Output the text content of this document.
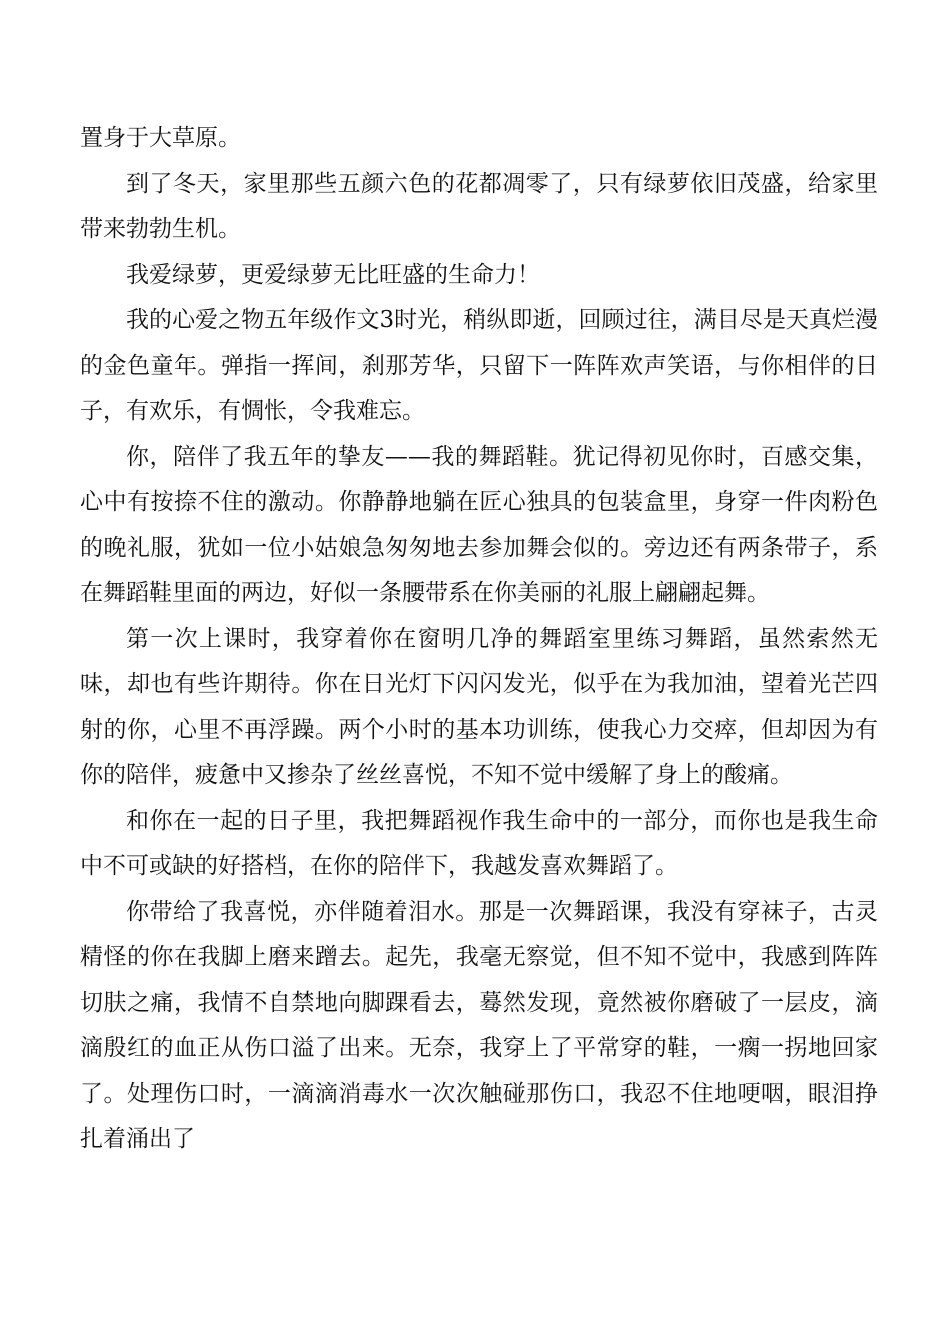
置身于大草原。

到了冬天，家里那些五颜六色的花都凋零了，只有绿萝依旧茂盛，给家里带来勃勃生机。

我爱绿萝，更爱绿萝无比旺盛的生命力！

我的心爱之物五年级作文3时光，稍纵即逝，回顾过往，满目尽是天真烂漫的金色童年。弹指一挥间，刹那芳华，只留下一阵阵欢声笑语，与你相伴的日子，有欢乐，有惆怅，令我难忘。

你，陪伴了我五年的挚友——我的舞蹈鞋。犹记得初见你时，百感交集，心中有按捺不住的激动。你静静地躺在匠心独具的包装盒里，身穿一件肉粉色的晚礼服，犹如一位小姑娘急匆匆地去参加舞会似的。旁边还有两条带子，系在舞蹈鞋里面的两边，好似一条腰带系在你美丽的礼服上翩翩起舞。

第一次上课时，我穿着你在窗明几净的舞蹈室里练习舞蹈，虽然索然无味，却也有些许期待。你在日光灯下闪闪发光，似乎在为我加油，望着光芒四射的你，心里不再浮躁。两个小时的基本功训练，使我心力交瘁，但却因为有你的陪伴，疲惫中又掺杂了丝丝喜悦，不知不觉中缓解了身上的酸痛。

和你在一起的日子里，我把舞蹈视作我生命中的一部分，而你也是我生命中不可或缺的好搭档，在你的陪伴下，我越发喜欢舞蹈了。

你带给了我喜悦，亦伴随着泪水。那是一次舞蹈课，我没有穿袜子，古灵精怪的你在我脚上磨来蹭去。起先，我毫无察觉，但不知不觉中，我感到阵阵切肤之痛，我情不自禁地向脚踝看去，蓦然发现，竟然被你磨破了一层皮，滴滴殷红的血正从伤口溢了出来。无奈，我穿上了平常穿的鞋，一瘸一拐地回家了。处理伤口时，一滴滴消毒水一次次触碰那伤口，我忍不住地哽咽，眼泪挣扎着涌出了
